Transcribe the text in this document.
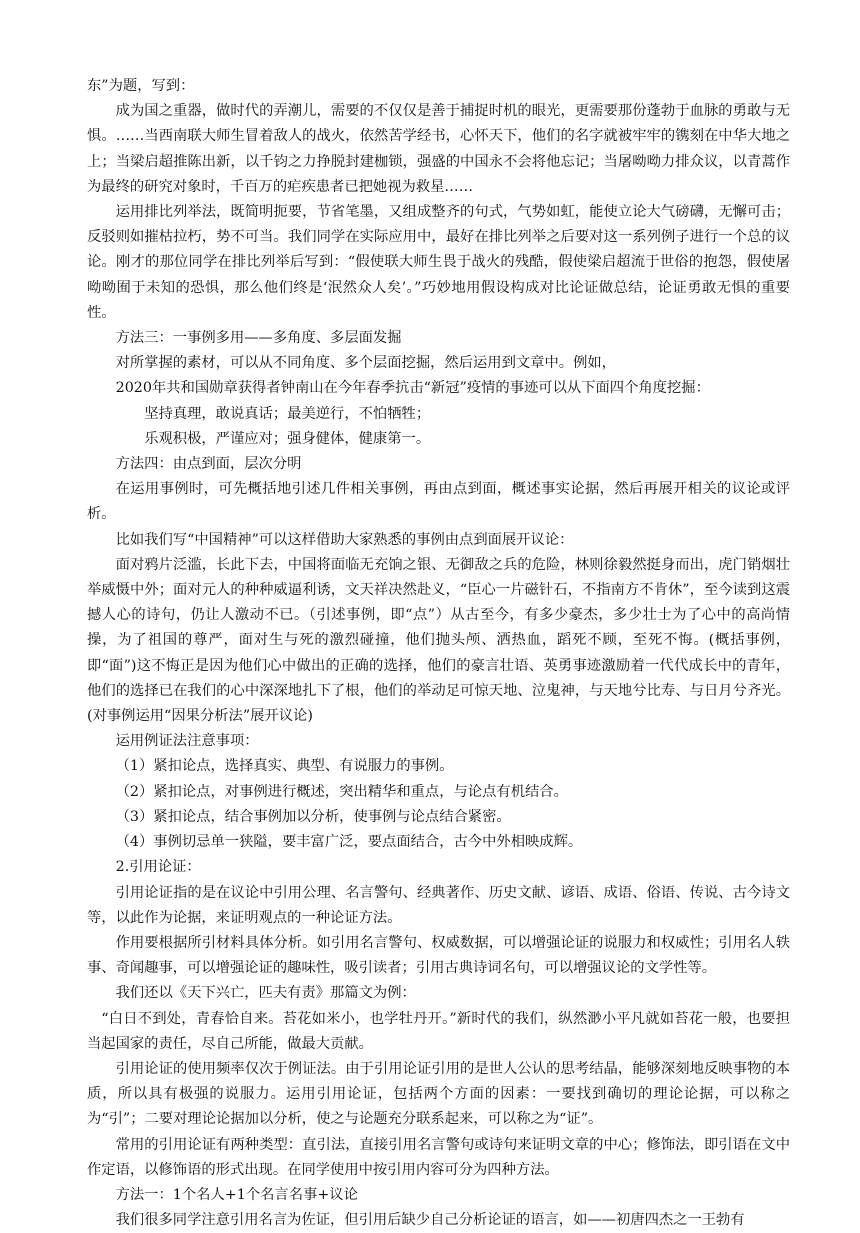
东”为题，写到：

成为国之重器，做时代的弄潮儿，需要的不仅仅是善于捕捉时机的眼光，更需要那份蓬勃于血脉的勇敢与无惧。……当西南联大师生冒着敌人的战火，依然苦学经书，心怀天下，他们的名字就被牢牢的镌刻在中华大地之上；当梁启超推陈出新，以千钧之力挣脱封建枷锁，强盛的中国永不会将他忘记；当屠呦呦力排众议，以青蒿作为最终的研究对象时，千百万的疟疾患者已把她视为救星……

运用排比列举法，既简明扼要，节省笔墨，又组成整齐的句式，气势如虹，能使立论大气磅礴，无懈可击；反驳则如摧枯拉朽，势不可当。我们同学在实际应用中，最好在排比列举之后要对这一系列例子进行一个总的议论。刚才的那位同学在排比列举后写到：“假使联大师生畏于战火的残酷，假使梁启超流于世俗的抱怨，假使屠呦呦囿于未知的恐惧，那么他们终是‘泯然众人矣’。”巧妙地用假设构成对比论证做总结，论证勇敢无惧的重要性。

方法三：一事例多用——多角度、多层面发掘

对所掌握的素材，可以从不同角度、多个层面挖掘，然后运用到文章中。例如，

2020年共和国勋章获得者钟南山在今年春季抗击“新冠”疫情的事迹可以从下面四个角度挖掘：

坚持真理，敢说真话；最美逆行，不怕牺牲；

乐观积极，严谨应对；强身健体，健康第一。

方法四：由点到面，层次分明

在运用事例时，可先概括地引述几件相关事例，再由点到面，概述事实论据，然后再展开相关的议论或评析。

比如我们写“中国精神”可以这样借助大家熟悉的事例由点到面展开议论：

面对鸦片泛滥，长此下去，中国将面临无充饷之银、无御敌之兵的危险，林则徐毅然挺身而出，虎门销烟壮举威慑中外；面对元人的种种威逼利诱，文天祥决然赴义，“臣心一片磁针石，不指南方不肯休”，至今读到这震撼人心的诗句，仍让人激动不已。（引述事例，即“点”）从古至今，有多少豪杰，多少壮士为了心中的高尚情操，为了祖国的尊严，面对生与死的激烈碰撞，他们抛头颅、洒热血，蹈死不顾，至死不悔。(概括事例，即“面”)这不悔正是因为他们心中做出的正确的选择，他们的豪言壮语、英勇事迹激励着一代代成长中的青年，他们的选择已在我们的心中深深地扎下了根，他们的举动足可惊天地、泣鬼神，与天地兮比寿、与日月兮齐光。(对事例运用“因果分析法”展开议论)

运用例证法注意事项：

（1）紧扣论点，选择真实、典型、有说服力的事例。

（2）紧扣论点，对事例进行概述，突出精华和重点，与论点有机结合。

（3）紧扣论点，结合事例加以分析，使事例与论点结合紧密。

（4）事例切忌单一狭隘，要丰富广泛，要点面结合，古今中外相映成辉。

2.引用论证：

引用论证指的是在议论中引用公理、名言警句、经典著作、历史文献、谚语、成语、俗语、传说、古今诗文等，以此作为论据，来证明观点的一种论证方法。

作用要根据所引材料具体分析。如引用名言警句、权威数据，可以增强论证的说服力和权威性；引用名人轶事、奇闻趣事，可以增强论证的趣味性，吸引读者；引用古典诗词名句，可以增强议论的文学性等。

我们还以《天下兴亡，匹夫有责》那篇文为例：

“白日不到处，青春恰自来。苔花如米小，也学牡丹开。”新时代的我们，纵然渺小平凡就如苔花一般，也要担当起国家的责任，尽自己所能，做最大贡献。

引用论证的使用频率仅次于例证法。由于引用论证引用的是世人公认的思考结晶，能够深刻地反映事物的本质，所以具有极强的说服力。运用引用论证，包括两个方面的因素：一要找到确切的理论论据，可以称之为“引”；二要对理论论据加以分析，使之与论题充分联系起来，可以称之为“证”。

常用的引用论证有两种类型：直引法，直接引用名言警句或诗句来证明文章的中心；修饰法，即引语在文中作定语，以修饰语的形式出现。在同学使用中按引用内容可分为四种方法。

方法一：1个名人+1个名言名事+议论

我们很多同学注意引用名言为佐证，但引用后缺少自己分析论证的语言，如——初唐四杰之一王勃有
